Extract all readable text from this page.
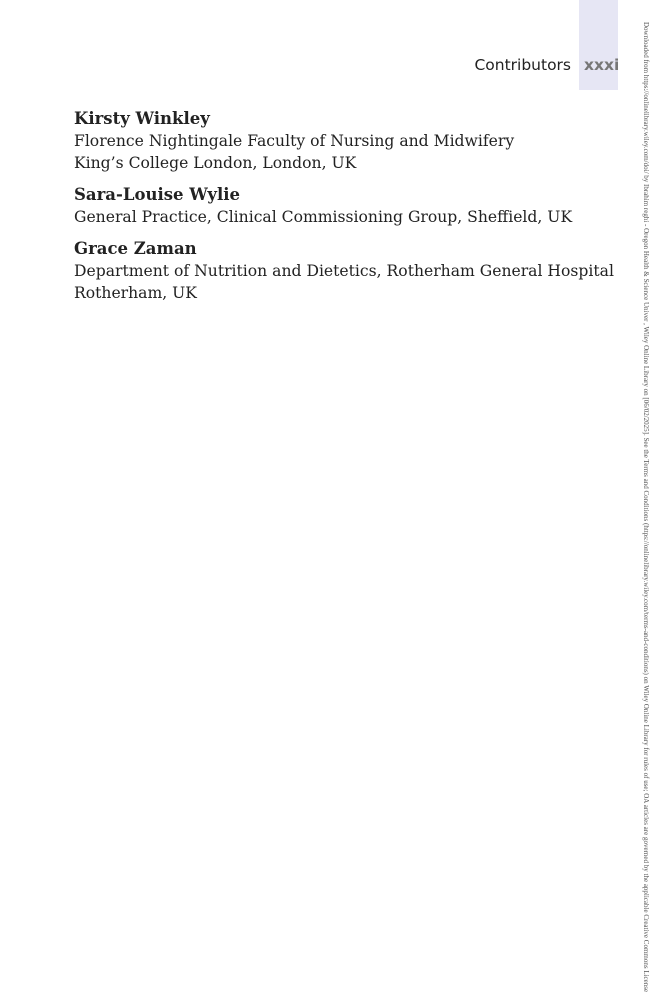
Contributors xxxi
Kirsty Winkley
Florence Nightingale Faculty of Nursing and Midwifery
King’s College London, London, UK
Sara-Louise Wylie
General Practice, Clinical Commissioning Group, Sheffield, UK
Grace Zaman
Department of Nutrition and Dietetics, Rotherham General Hospital
Rotherham, UK	Downloaded from https://onlinelibrary.wiley.com/doi/ by Ibrahim reghi - Oregon Health & Science Univer , Wiley Online Library on [06/02/2025]. See the Terms and Conditions (https://onlinelibrary.wiley.com/terms-and-conditions) on Wiley Online Library for rules of use; OA articles are governed by the applicable Creative Commons License
